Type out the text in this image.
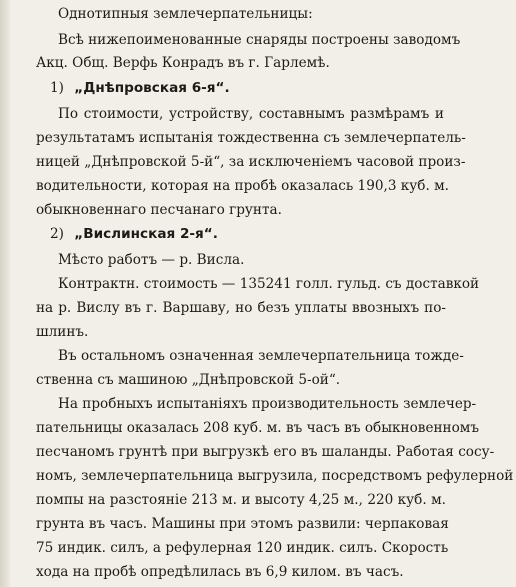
Однотипныя землечерпательницы:
Всѣ нижепоименованные снаряды построены заводомъ
Акц. Общ. Верфь Конрадъ въ г. Гарлемѣ.
1) „Днѣпровская 6-я“.
По стоимости, устройству, составнымъ размѣрамъ и
результатамъ испытанія тождественна съ землечерпатель-
ницей „Днѣпровской 5-й“, за исключеніемъ часовой произ-
водительности, которая на пробѣ оказалась 190,3 куб. м.
обыкновеннаго песчанаго грунта.
2) „Вислинская 2-я“.
Мѣсто работъ — р. Висла.
Контрактн. стоимость — 135241 голл. гульд. съ доставкой
на р. Вислу въ г. Варшаву, но безъ уплаты ввозныхъ по-
шлинъ.
Въ остальномъ означенная землечерпательница тожде-
ственна съ машиною „Днѣпровской 5-ой“.
На пробныхъ испытаніяхъ производительность землечер-
пательницы оказалась 208 куб. м. въ часъ въ обыкновенномъ
песчаномъ грунтѣ при выгрузкѣ его въ шаланды. Работая сосу-
номъ, землечерпательница выгрузила, посредствомъ рефулерной
помпы на разстояніе 213 м. и высоту 4,25 м., 220 куб. м.
грунта въ часъ. Машины при этомъ развили: черпаковая
75 индик. силъ, а рефулерная 120 индик. силъ. Скорость
хода на пробѣ опредѣлилась въ 6,9 килом. въ часъ.
